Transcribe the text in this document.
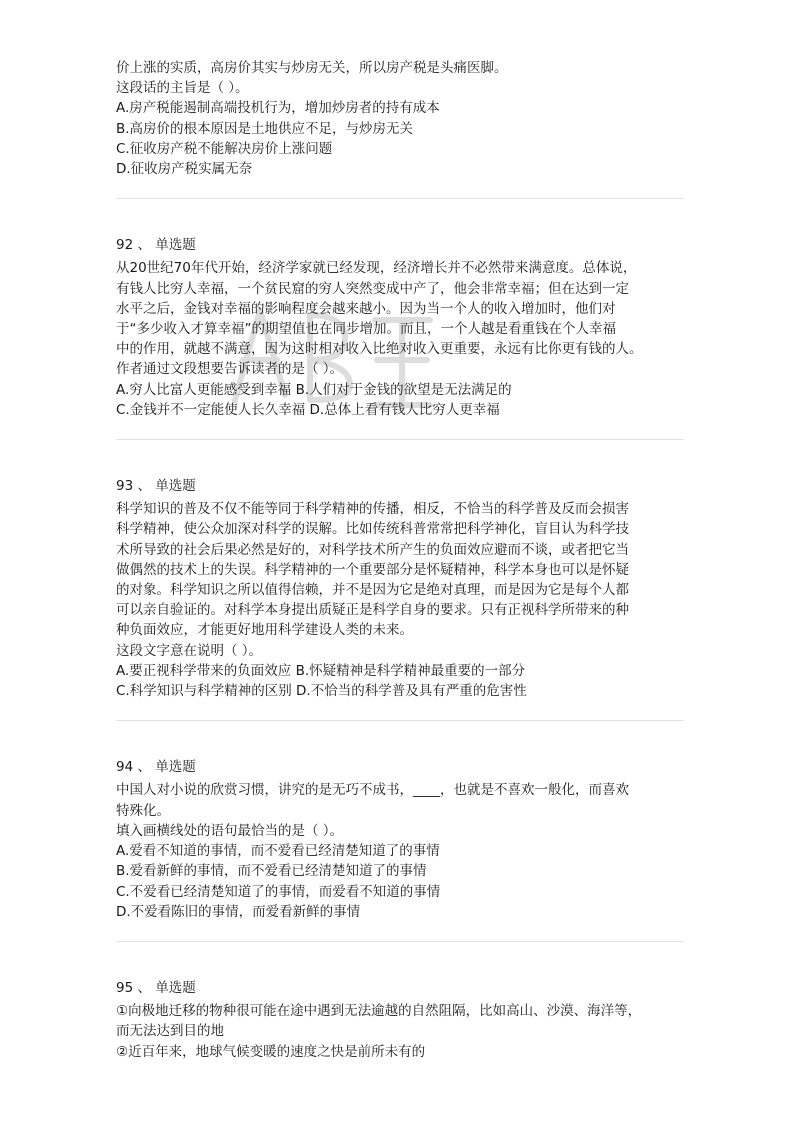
价上涨的实质，高房价其实与炒房无关，所以房产税是头痛医脚。
这段话的主旨是（ ）。
A.房产税能遏制高端投机行为，增加炒房者的持有成本
B.高房价的根本原因是土地供应不足，与炒房无关
C.征收房产税不能解决房价上涨问题
D.征收房产税实属无奈
92 、 单选题
从20世纪70年代开始，经济学家就已经发现，经济增长并不必然带来满意度。总体说，
有钱人比穷人幸福，一个贫民窟的穷人突然变成中产了，他会非常幸福；但在达到一定
水平之后，金钱对幸福的影响程度会越来越小。因为当一个人的收入增加时，他们对
于“多少收入才算幸福”的期望值也在同步增加。而且，一个人越是看重钱在个人幸福
中的作用，就越不满意，因为这时相对收入比绝对收入更重要，永远有比你更有钱的人。
作者通过文段想要告诉读者的是（ ）。
A.穷人比富人更能感受到幸福 B.人们对于金钱的欲望是无法满足的
C.金钱并不一定能使人长久幸福 D.总体上看有钱人比穷人更幸福
93 、 单选题
科学知识的普及不仅不能等同于科学精神的传播，相反，不恰当的科学普及反而会损害
科学精神，使公众加深对科学的误解。比如传统科普常常把科学神化，盲目认为科学技
术所导致的社会后果必然是好的，对科学技术所产生的负面效应避而不谈，或者把它当
做偶然的技术上的失误。科学精神的一个重要部分是怀疑精神，科学本身也可以是怀疑
的对象。科学知识之所以值得信赖，并不是因为它是绝对真理，而是因为它是每个人都
可以亲自验证的。对科学本身提出质疑正是科学自身的要求。只有正视科学所带来的种
种负面效应，才能更好地用科学建设人类的未来。
这段文字意在说明（ ）。
A.要正视科学带来的负面效应 B.怀疑精神是科学精神最重要的一部分
C.科学知识与科学精神的区别 D.不恰当的科学普及具有严重的危害性
94 、 单选题
中国人对小说的欣赏习惯，讲究的是无巧不成书，____，也就是不喜欢一般化，而喜欢
特殊化。
填入画横线处的语句最恰当的是（ ）。
A.爱看不知道的事情，而不爱看已经清楚知道了的事情
B.爱看新鲜的事情，而不爱看已经清楚知道了的事情
C.不爱看已经清楚知道了的事情，而爱看不知道的事情
D.不爱看陈旧的事情，而爱看新鲜的事情
95 、 单选题
①向极地迁移的物种很可能在途中遇到无法逾越的自然阻隔，比如高山、沙漠、海洋等，
而无法达到目的地
②近百年来，地球气候变暖的速度之快是前所未有的
